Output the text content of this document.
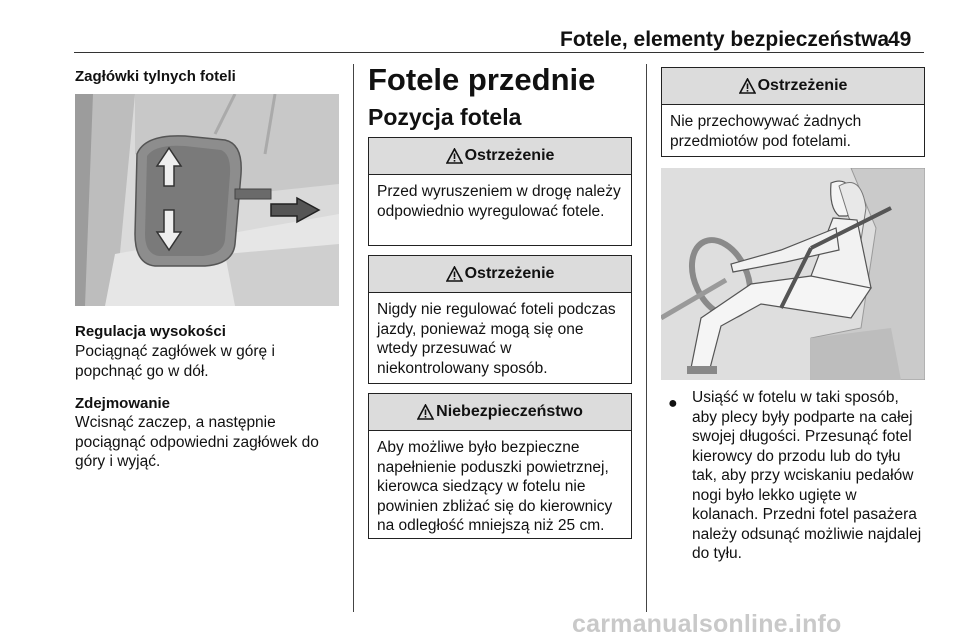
Fotele, elementy bezpieczeństwa
49
Zagłówki tylnych foteli
Regulacja wysokości
Pociągnąć zagłówek w górę i popchnąć go w dół.
Zdejmowanie
Wcisnąć zaczep, a następnie pociągnąć odpowiedni zagłówek do góry i wyjąć.
Fotele przednie
Pozycja fotela
Ostrzeżenie
Przed wyruszeniem w drogę należy odpowiednio wyregulować fotele.
Ostrzeżenie
Nigdy nie regulować foteli podczas jazdy, ponieważ mogą się one wtedy przesuwać w niekontrolowany sposób.
Niebezpieczeństwo
Aby możliwe było bezpieczne napełnienie poduszki powietrznej, kierowca siedzący w fotelu nie powinien zbliżać się do kierownicy na odległość mniejszą niż 25 cm.
Ostrzeżenie
Nie przechowywać żadnych przedmiotów pod fotelami.
● Usiąść w fotelu w taki sposób, aby plecy były podparte na całej swojej długości. Przesunąć fotel kierowcy do przodu lub do tyłu tak, aby przy wciskaniu pedałów nogi było lekko ugięte w kolanach. Przedni fotel pasażera należy odsunąć możliwie najdalej do tyłu.
carmanualsonline.info
